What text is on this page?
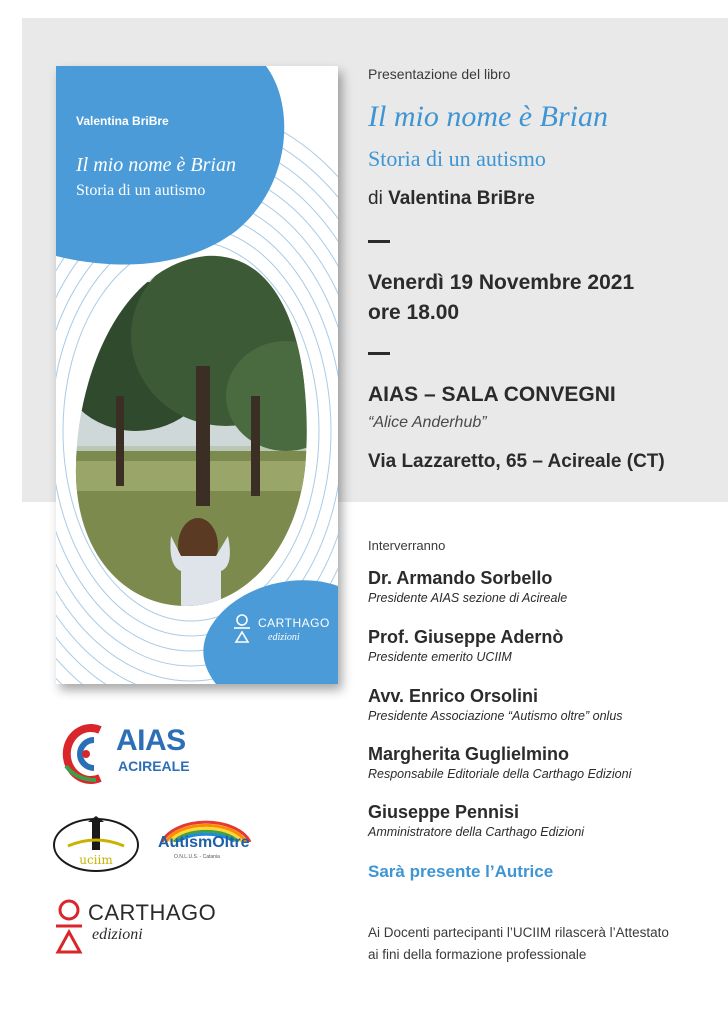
Valentina BriBre
Il mio nome è Brian
Storia di un autismo
CARTHAGO
edizioni
Presentazione del libro
Il mio nome è Brian
Storia di un autismo
di Valentina BriBre
Venerdì 19 Novembre 2021
ore 18.00
AIAS – SALA CONVEGNI
“Alice Anderhub”
Via Lazzaretto, 65 – Acireale (CT)
Interverranno
Dr. Armando Sorbello
Presidente AIAS sezione di Acireale
Prof. Giuseppe Adernò
Presidente emerito UCIIM
Avv. Enrico Orsolini
Presidente Associazione “Autismo oltre” onlus
Margherita Guglielmino
Responsabile Editoriale della Carthago Edizioni
Giuseppe Pennisi
Amministratore della Carthago Edizioni
Sarà presente l’Autrice
Ai Docenti partecipanti l’UCIIM rilascerà l’Attestato
ai fini della formazione professionale
AIAS
ACIREALE
uciim
AutismOltre
O.N.L.U.S. - Catania
CARTHAGO
edizioni
